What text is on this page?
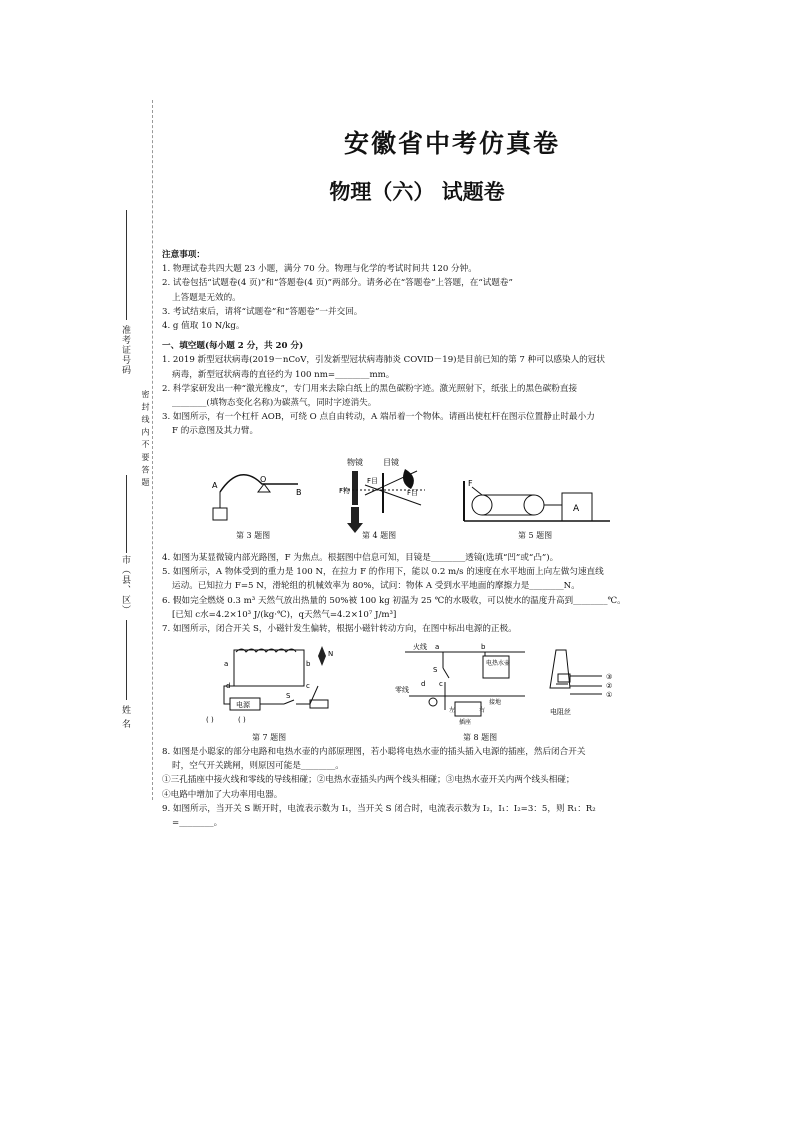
安徽省中考仿真卷
物理（六） 试题卷
准考证号码
密 封 线 内 不 要 答 题
市（县、区）
姓 名

注意事项：

1. 物理试卷共四大题 23 小题，满分 70 分。物理与化学的考试时间共 120 分钟。

2. 试卷包括“试题卷(4 页)”和“答题卷(4 页)”两部分。请务必在“答题卷”上答题，在“试题卷”

上答题是无效的。

3. 考试结束后，请将“试题卷”和“答题卷”一并交回。

4. g 值取 10 N/kg。

一、填空题(每小题 2 分，共 20 分)

1. 2019 新型冠状病毒(2019－nCoV，引发新型冠状病毒肺炎 COVID－19)是目前已知的第 7 种可以感染人的冠状

病毒，新型冠状病毒的直径约为 100 nm=________mm。

2. 科学家研发出一种“激光橡皮”，专门用来去除白纸上的黑色碳粉字迹。激光照射下，纸张上的黑色碳粉直接

________(填物态变化名称)为碳蒸气，同时字迹消失。

3. 如图所示，有一个杠杆 AOB，可绕 O 点自由转动，A 端吊着一个物体。请画出使杠杆在图示位置静止时最小力

F 的示意图及其力臂。

A
O
B
第 3 题图
物镜	目镜
F物
F目
F目
第 4 题图
F
A
第 5 题图

4. 如图为某显微镜内部光路图，F 为焦点。根据图中信息可知，目镜是________透镜(选填“凹”或“凸”)。

5. 如图所示，A 物体受到的重力是 100 N，在拉力 F 的作用下，能以 0.2 m/s 的速度在水平地面上向左做匀速直线

运动。已知拉力 F=5 N，滑轮组的机械效率为 80%，试问：物体 A 受到水平地面的摩擦力是________N。

6. 假如完全燃烧 0.3 m³ 天然气放出热量的 50%被 100 kg 初温为 25 ℃的水吸收，可以使水的温度升高到________℃。

[已知 c水=4.2×10³ J/(kg·℃)，q天然气=4.2×10⁷ J/m³]

7. 如图所示，闭合开关 S，小磁针发生偏转，根据小磁针转动方向，在图中标出电源的正极。

a	b
d	c
电源
S
( )	( )
N
第 7 题图
火线
零线
a	b
c
d
S
电热水壶
左	右
插座
接地
第 8 题图
③
②
①
电阻丝

8. 如图是小聪家的部分电路和电热水壶的内部原理图，若小聪将电热水壶的插头插入电源的插座，然后闭合开关

时，空气开关跳闸，则原因可能是________。

①三孔插座中接火线和零线的导线相碰；②电热水壶插头内两个线头相碰；③电热水壶开关内两个线头相碰；

④电路中增加了大功率用电器。

9. 如图所示，当开关 S 断开时，电流表示数为 I₁，当开关 S 闭合时，电流表示数为 I₂，I₁：I₂=3：5，则 R₁：R₂

=________。
